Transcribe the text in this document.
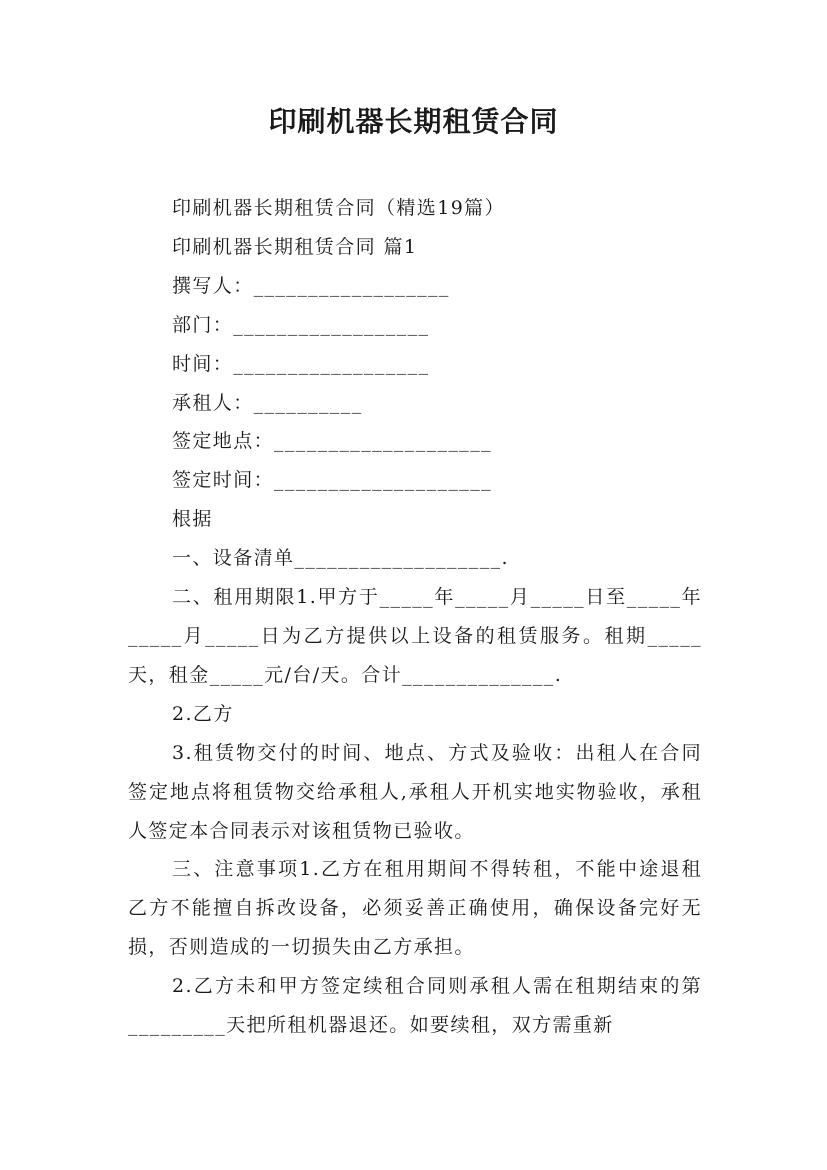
印刷机器长期租赁合同
印刷机器长期租赁合同（精选19篇）
印刷机器长期租赁合同 篇1
撰写人：__________________
部门：__________________
时间：__________________
承租人：__________
签定地点：____________________
签定时间：____________________
根据
一、设备清单___________________.
二、租用期限1.甲方于_____年_____月_____日至_____年_____月_____日为乙方提供以上设备的租赁服务。租期_____天，租金_____元/台/天。合计______________.
2.乙方
3.租赁物交付的时间、地点、方式及验收：出租人在合同签定地点将租赁物交给承租人,承租人开机实地实物验收，承租人签定本合同表示对该租赁物已验收。
三、注意事项1.乙方在租用期间不得转租，不能中途退租乙方不能擅自拆改设备，必须妥善正确使用，确保设备完好无损，否则造成的一切损失由乙方承担。
2.乙方未和甲方签定续租合同则承租人需在租期结束的第_________天把所租机器退还。如要续租，双方需重新
